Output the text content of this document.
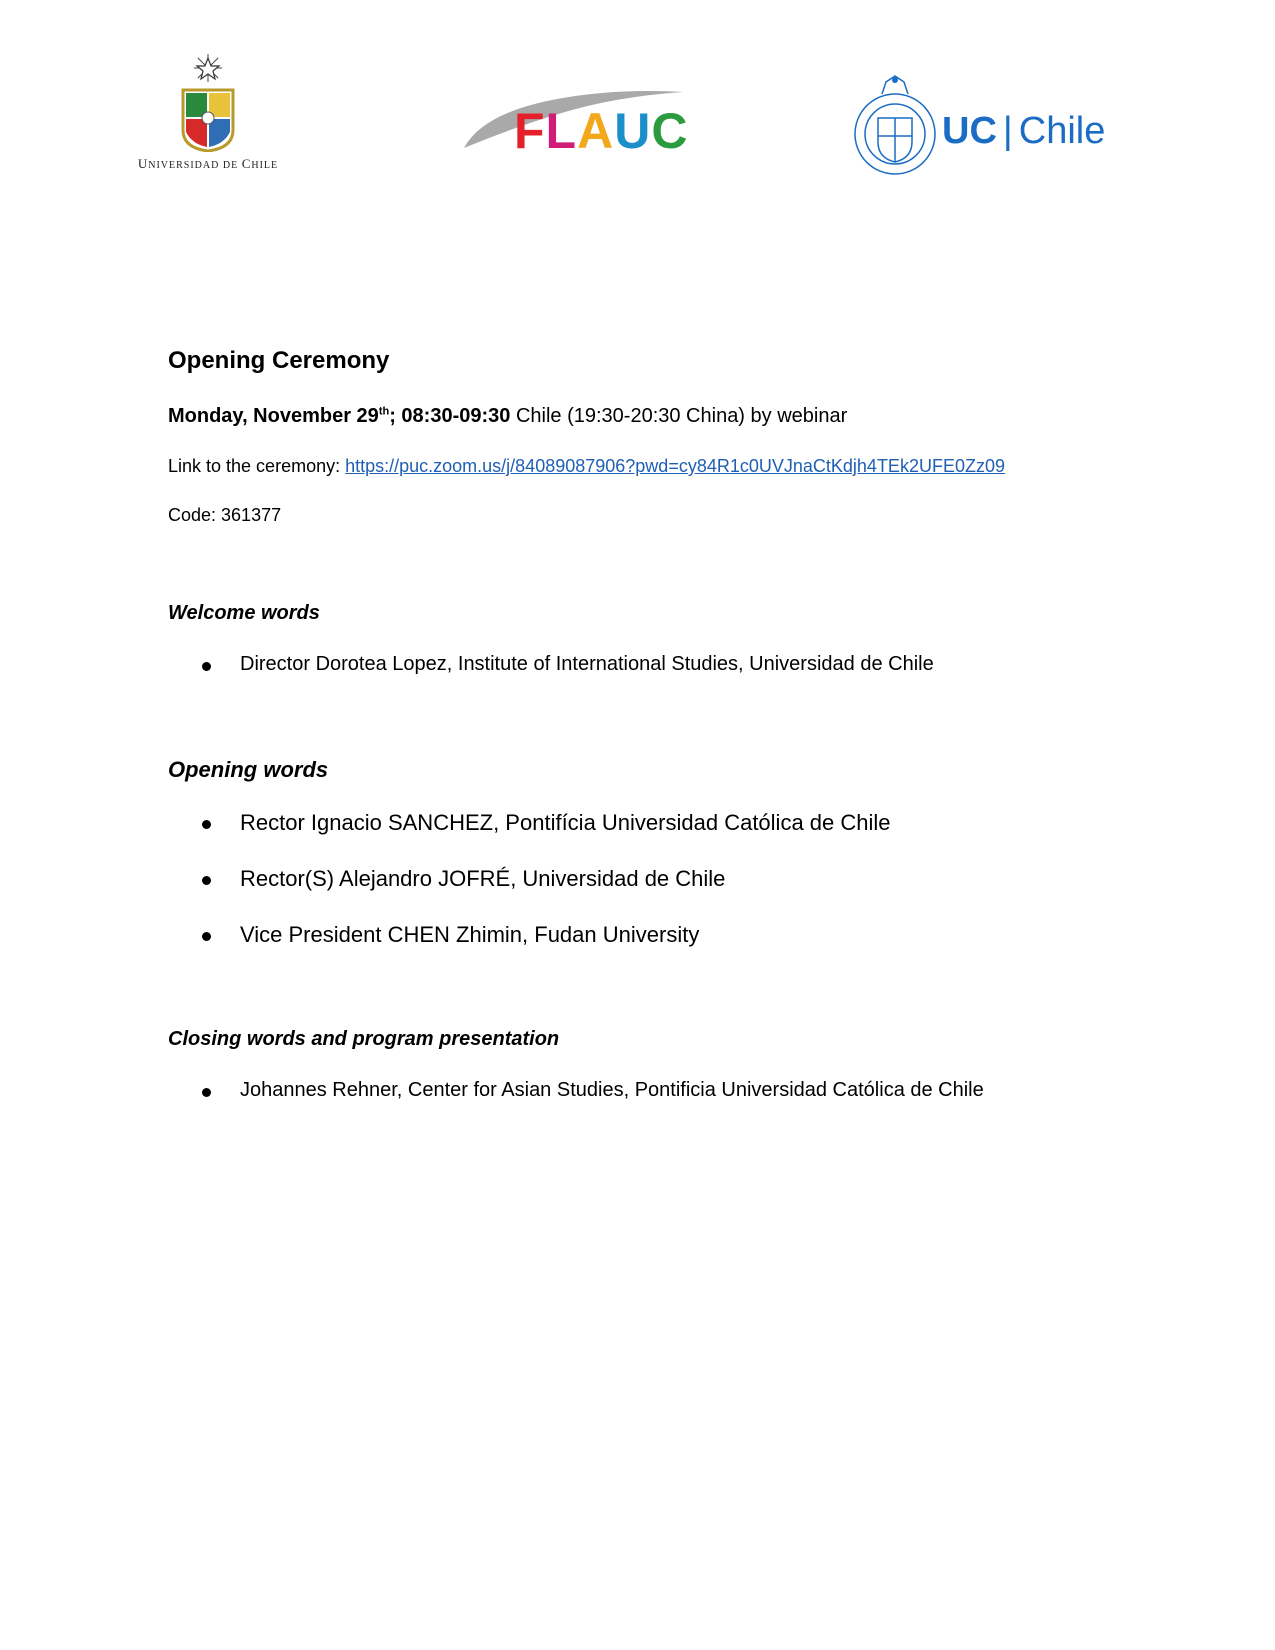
UNIVERSIDAD DE CHILE
FLAUC	UC | Chile
Opening Ceremony
Monday, November 29th; 08:30-09:30 Chile (19:30-20:30 China) by webinar
Link to the ceremony: https://puc.zoom.us/j/84089087906?pwd=cy84R1c0UVJnaCtKdjh4TEk2UFE0Zz09
Code: 361377
Welcome words
Director Dorotea Lopez, Institute of International Studies, Universidad de Chile
Opening words
Rector Ignacio SANCHEZ, Pontifícia Universidad Católica de Chile
Rector(S) Alejandro JOFRÉ, Universidad de Chile
Vice President CHEN Zhimin, Fudan University
Closing words and program presentation
Johannes Rehner, Center for Asian Studies, Pontificia Universidad Católica de Chile
